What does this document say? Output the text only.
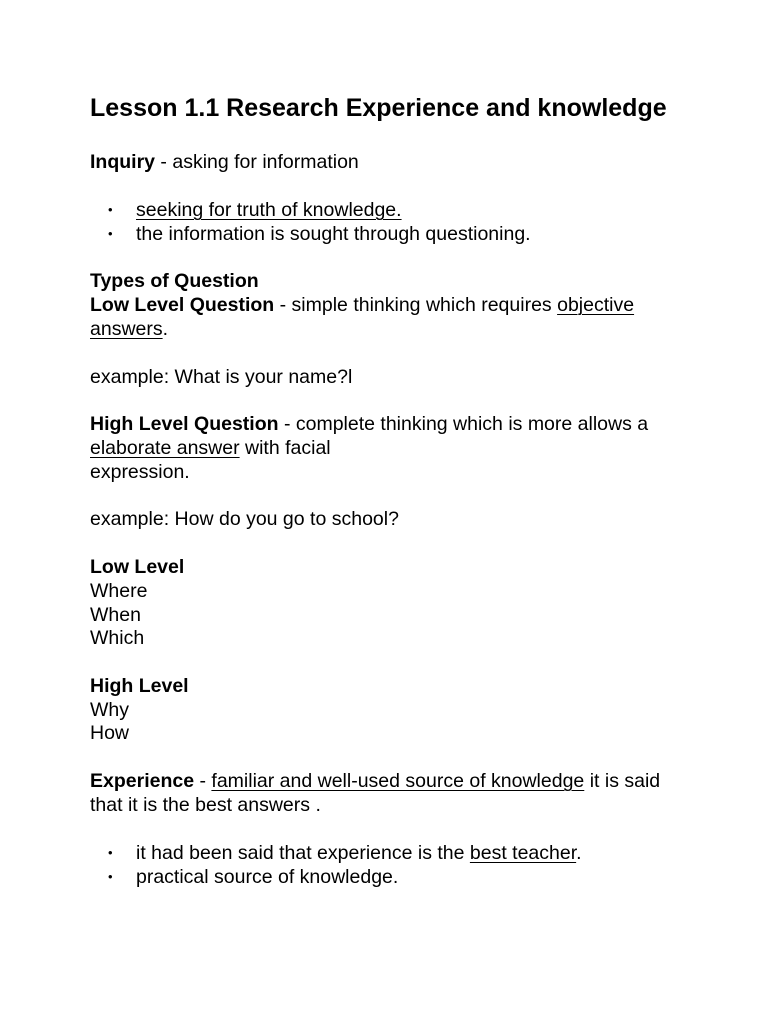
Lesson 1.1 Research Experience and knowledge
Inquiry - asking for information
• seeking for truth of knowledge.
• the information is sought through questioning.
Types of Question
Low Level Question - simple thinking which requires objective
answers.
example: What is your name?l
High Level Question - complete thinking which is more allows a
elaborate answer with facial
expression.
example: How do you go to school?
Low Level
Where
When
Which
High Level
Why
How
Experience - familiar and well-used source of knowledge it is said
that it is the best answers .
• it had been said that experience is the best teacher.
• practical source of knowledge.
